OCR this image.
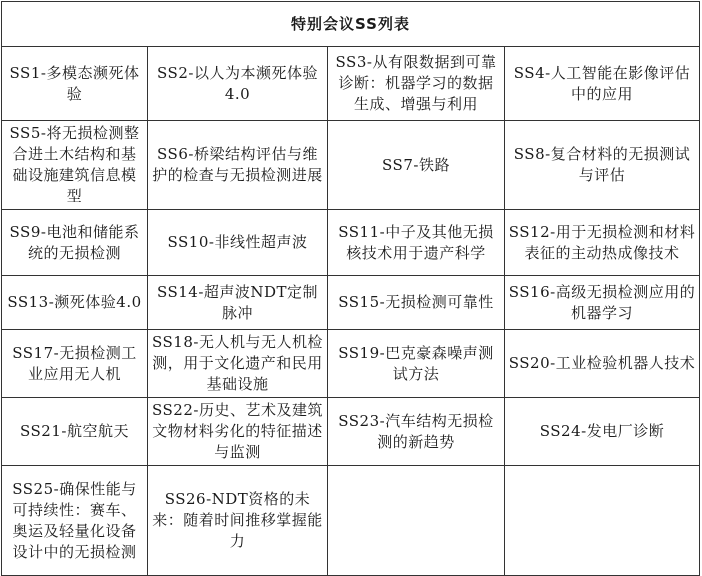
特别会议SS列表			
SS1-多模态濒死体验	SS2-以人为本濒死体验4.0	SS3-从有限数据到可靠诊断：机器学习的数据生成、增强与利用	SS4-人工智能在影像评估中的应用
SS5-将无损检测整合进土木结构和基础设施建筑信息模型	SS6-桥梁结构评估与维护的检查与无损检测进展	SS7-铁路	SS8-复合材料的无损测试与评估
SS9-电池和储能系统的无损检测	SS10-非线性超声波	SS11-中子及其他无损核技术用于遗产科学	SS12-用于无损检测和材料表征的主动热成像技术
SS13-濒死体验4.0	SS14-超声波NDT定制脉冲	SS15-无损检测可靠性	SS16-高级无损检测应用的机器学习
SS17-无损检测工业应用无人机	SS18-无人机与无人机检测，用于文化遗产和民用基础设施	SS19-巴克豪森噪声测试方法	SS20-工业检验机器人技术
SS21-航空航天	SS22-历史、艺术及建筑文物材料劣化的特征描述与监测	SS23-汽车结构无损检测的新趋势	SS24-发电厂诊断
SS25-确保性能与可持续性：赛车、奥运及轻量化设备设计中的无损检测	SS26-NDT资格的未来：随着时间推移掌握能力		
